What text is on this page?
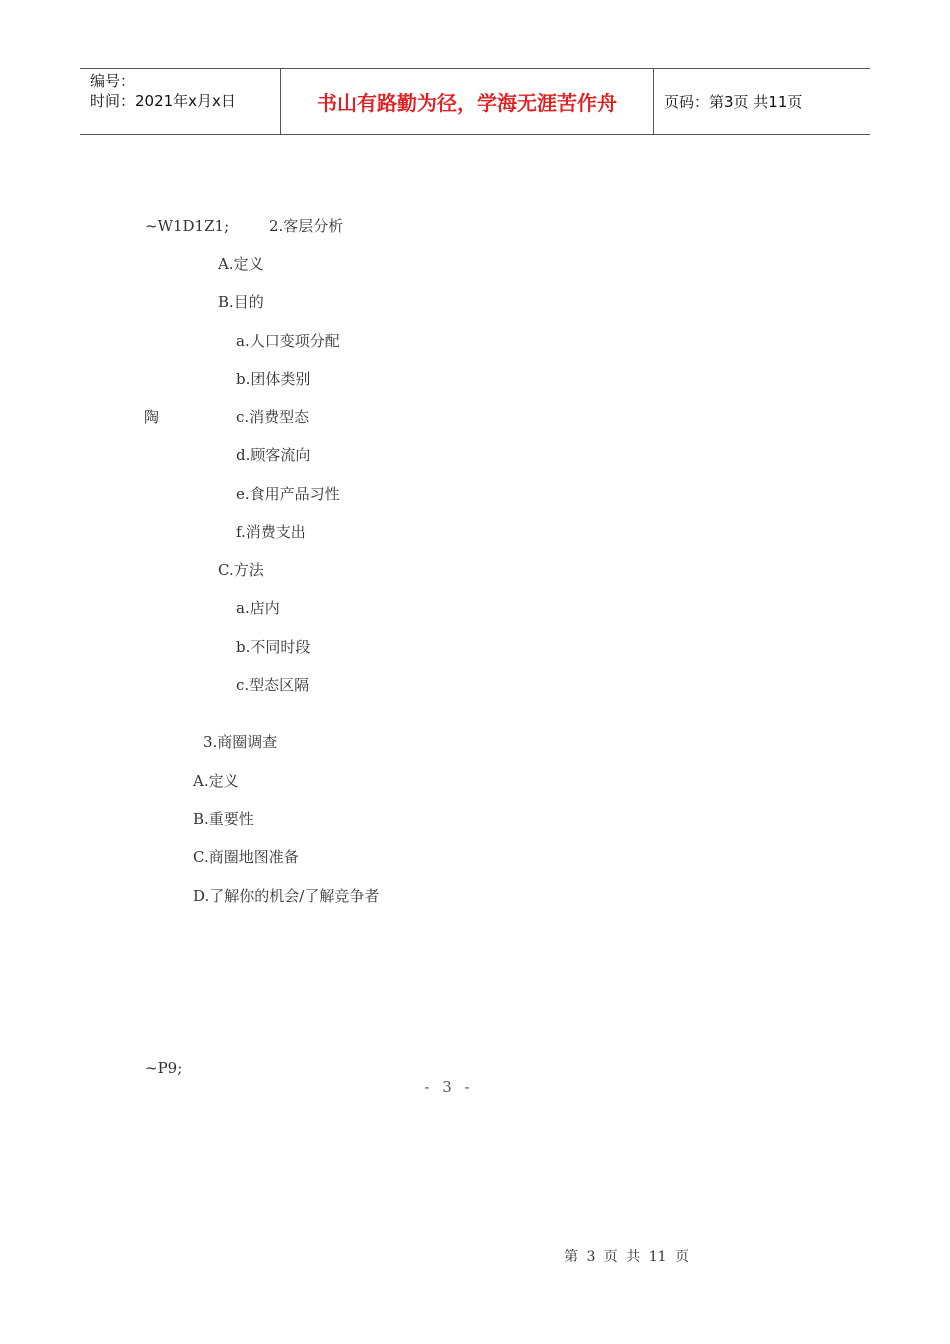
编号：
时间：2021年x月x日	书山有路勤为径，学海无涯苦作舟	页码：第3页 共11页
~W1D1Z1;	2.客层分析
A.定义
B.目的
a.人口变项分配
b.团体类别
陶	c.消费型态
d.顾客流向
e.食用产品习性
f.消费支出
C.方法
a.店内
b.不同时段
c.型态区隔
3.商圈调查
A.定义
B.重要性
C.商圈地图准备
D.了解你的机会/了解竞争者
~P9;
- 3 -
第 3 页 共 11 页
